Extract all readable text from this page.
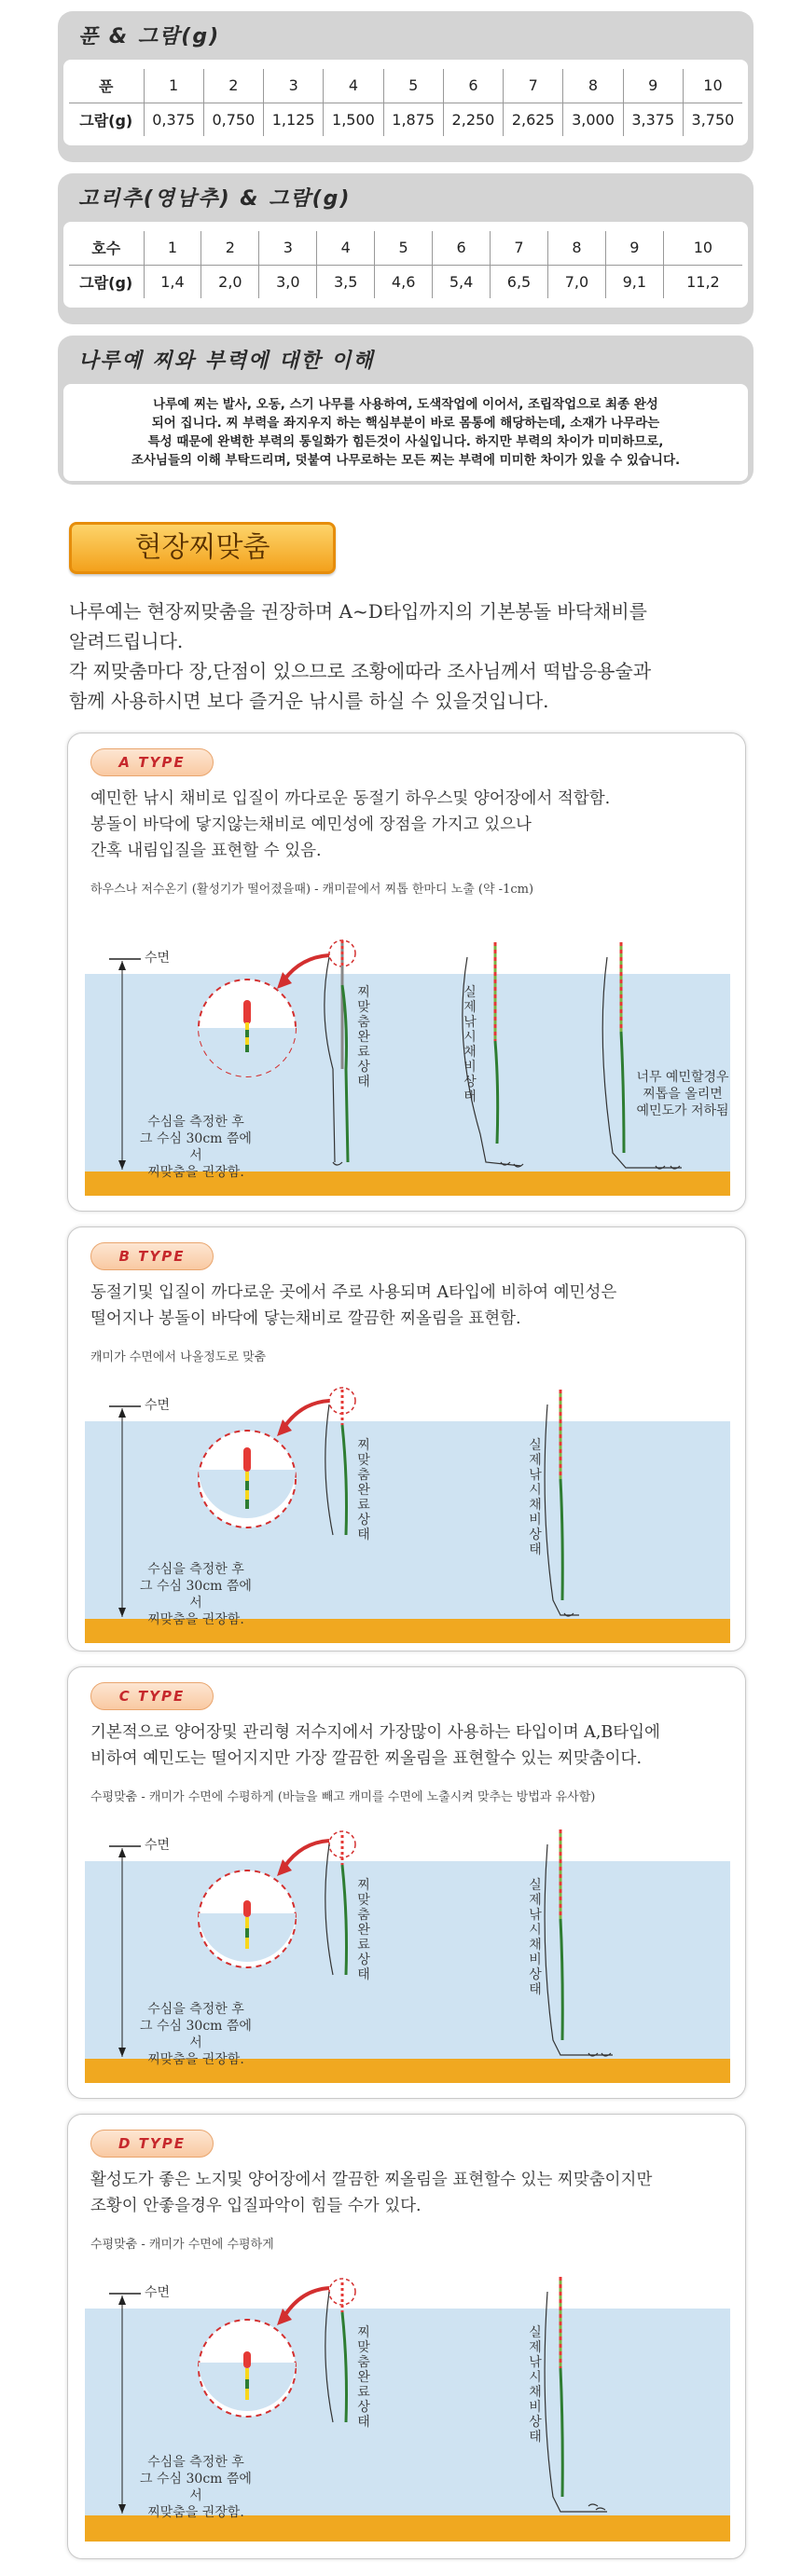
푼 & 그람(g)
푼	1	2	3	4	5	6	7	8	9	10
그람(g)	0,375	0,750	1,125	1,500	1,875	2,250	2,625	3,000	3,375	3,750
고리추(영남추) & 그람(g)
호수	1	2	3	4	5	6	7	8	9	10
그람(g)	1,4	2,0	3,0	3,5	4,6	5,4	6,5	7,0	9,1	11,2
나루예 찌와 부력에 대한 이해
나루예 찌는 발사, 오동, 스기 나무를 사용하여, 도색작업에 이어서, 조립작업으로 최종 완성
되어 집니다. 찌 부력을 좌지우지 하는 핵심부분이 바로 몸통에 해당하는데, 소재가 나무라는
특성 때문에 완벽한 부력의 통일화가 힘든것이 사실입니다. 하지만 부력의 차이가 미미하므로,
조사님들의 이해 부탁드리며, 덧붙여 나무로하는 모든 찌는 부력에 미미한 차이가 있을 수 있습니다.
현장찌맞춤
나루예는 현장찌맞춤을 권장하며 A~D타입까지의 기본봉돌 바닥채비를
알려드립니다.
각 찌맞춤마다 장,단점이 있으므로 조황에따라 조사님께서 떡밥응용술과
함께 사용하시면 보다 즐거운 낚시를 하실 수 있을것입니다.
A TYPE
예민한 낚시 채비로 입질이 까다로운 동절기 하우스및 양어장에서 적합함.
봉돌이 바닥에 닿지않는채비로 예민성에 장점을 가지고 있으나
간혹 내림입질을 표현할 수 있음.
하우스나 저수온기 (활성기가 떨어졌을때) - 캐미끝에서 찌톱 한마디 노출 (약 -1cm)
수면
수심을 측정한 후
그 수심 30cm 쯤에서
찌맞춤을 권장함.
찌맞춤 완료상태
실제 낚시채비상태
너무 예민할경우
찌톱을 올리면
예민도가 저하됨
B TYPE
동절기및 입질이 까다로운 곳에서 주로 사용되며 A타입에 비하여 예민성은
떨어지나 봉돌이 바닥에 닿는채비로 깔끔한 찌올림을 표현함.
캐미가 수면에서 나올정도로 맞춤
수면
수심을 측정한 후
그 수심 30cm 쯤에서
찌맞춤을 권장함.
찌맞춤 완료상태
실제 낚시채비상태
C TYPE
기본적으로 양어장및 관리형 저수지에서 가장많이 사용하는 타입이며 A,B타입에
비하여 예민도는 떨어지지만 가장 깔끔한 찌올림을 표현할수 있는 찌맞춤이다.
수평맞춤 - 캐미가 수면에 수평하게 (바늘을 빼고 캐미를 수면에 노출시켜 맞추는 방법과 유사함)
수면
수심을 측정한 후
그 수심 30cm 쯤에서
찌맞춤을 권장함.
찌맞춤 완료상태
실제 낚시채비상태
D TYPE
활성도가 좋은 노지및 양어장에서 깔끔한 찌올림을 표현할수 있는 찌맞춤이지만
조황이 안좋을경우 입질파악이 힘들 수가 있다.
수평맞춤 - 캐미가 수면에 수평하게
수면
수심을 측정한 후
그 수심 30cm 쯤에서
찌맞춤을 권장함.
찌맞춤 완료상태
실제 낚시채비상태
